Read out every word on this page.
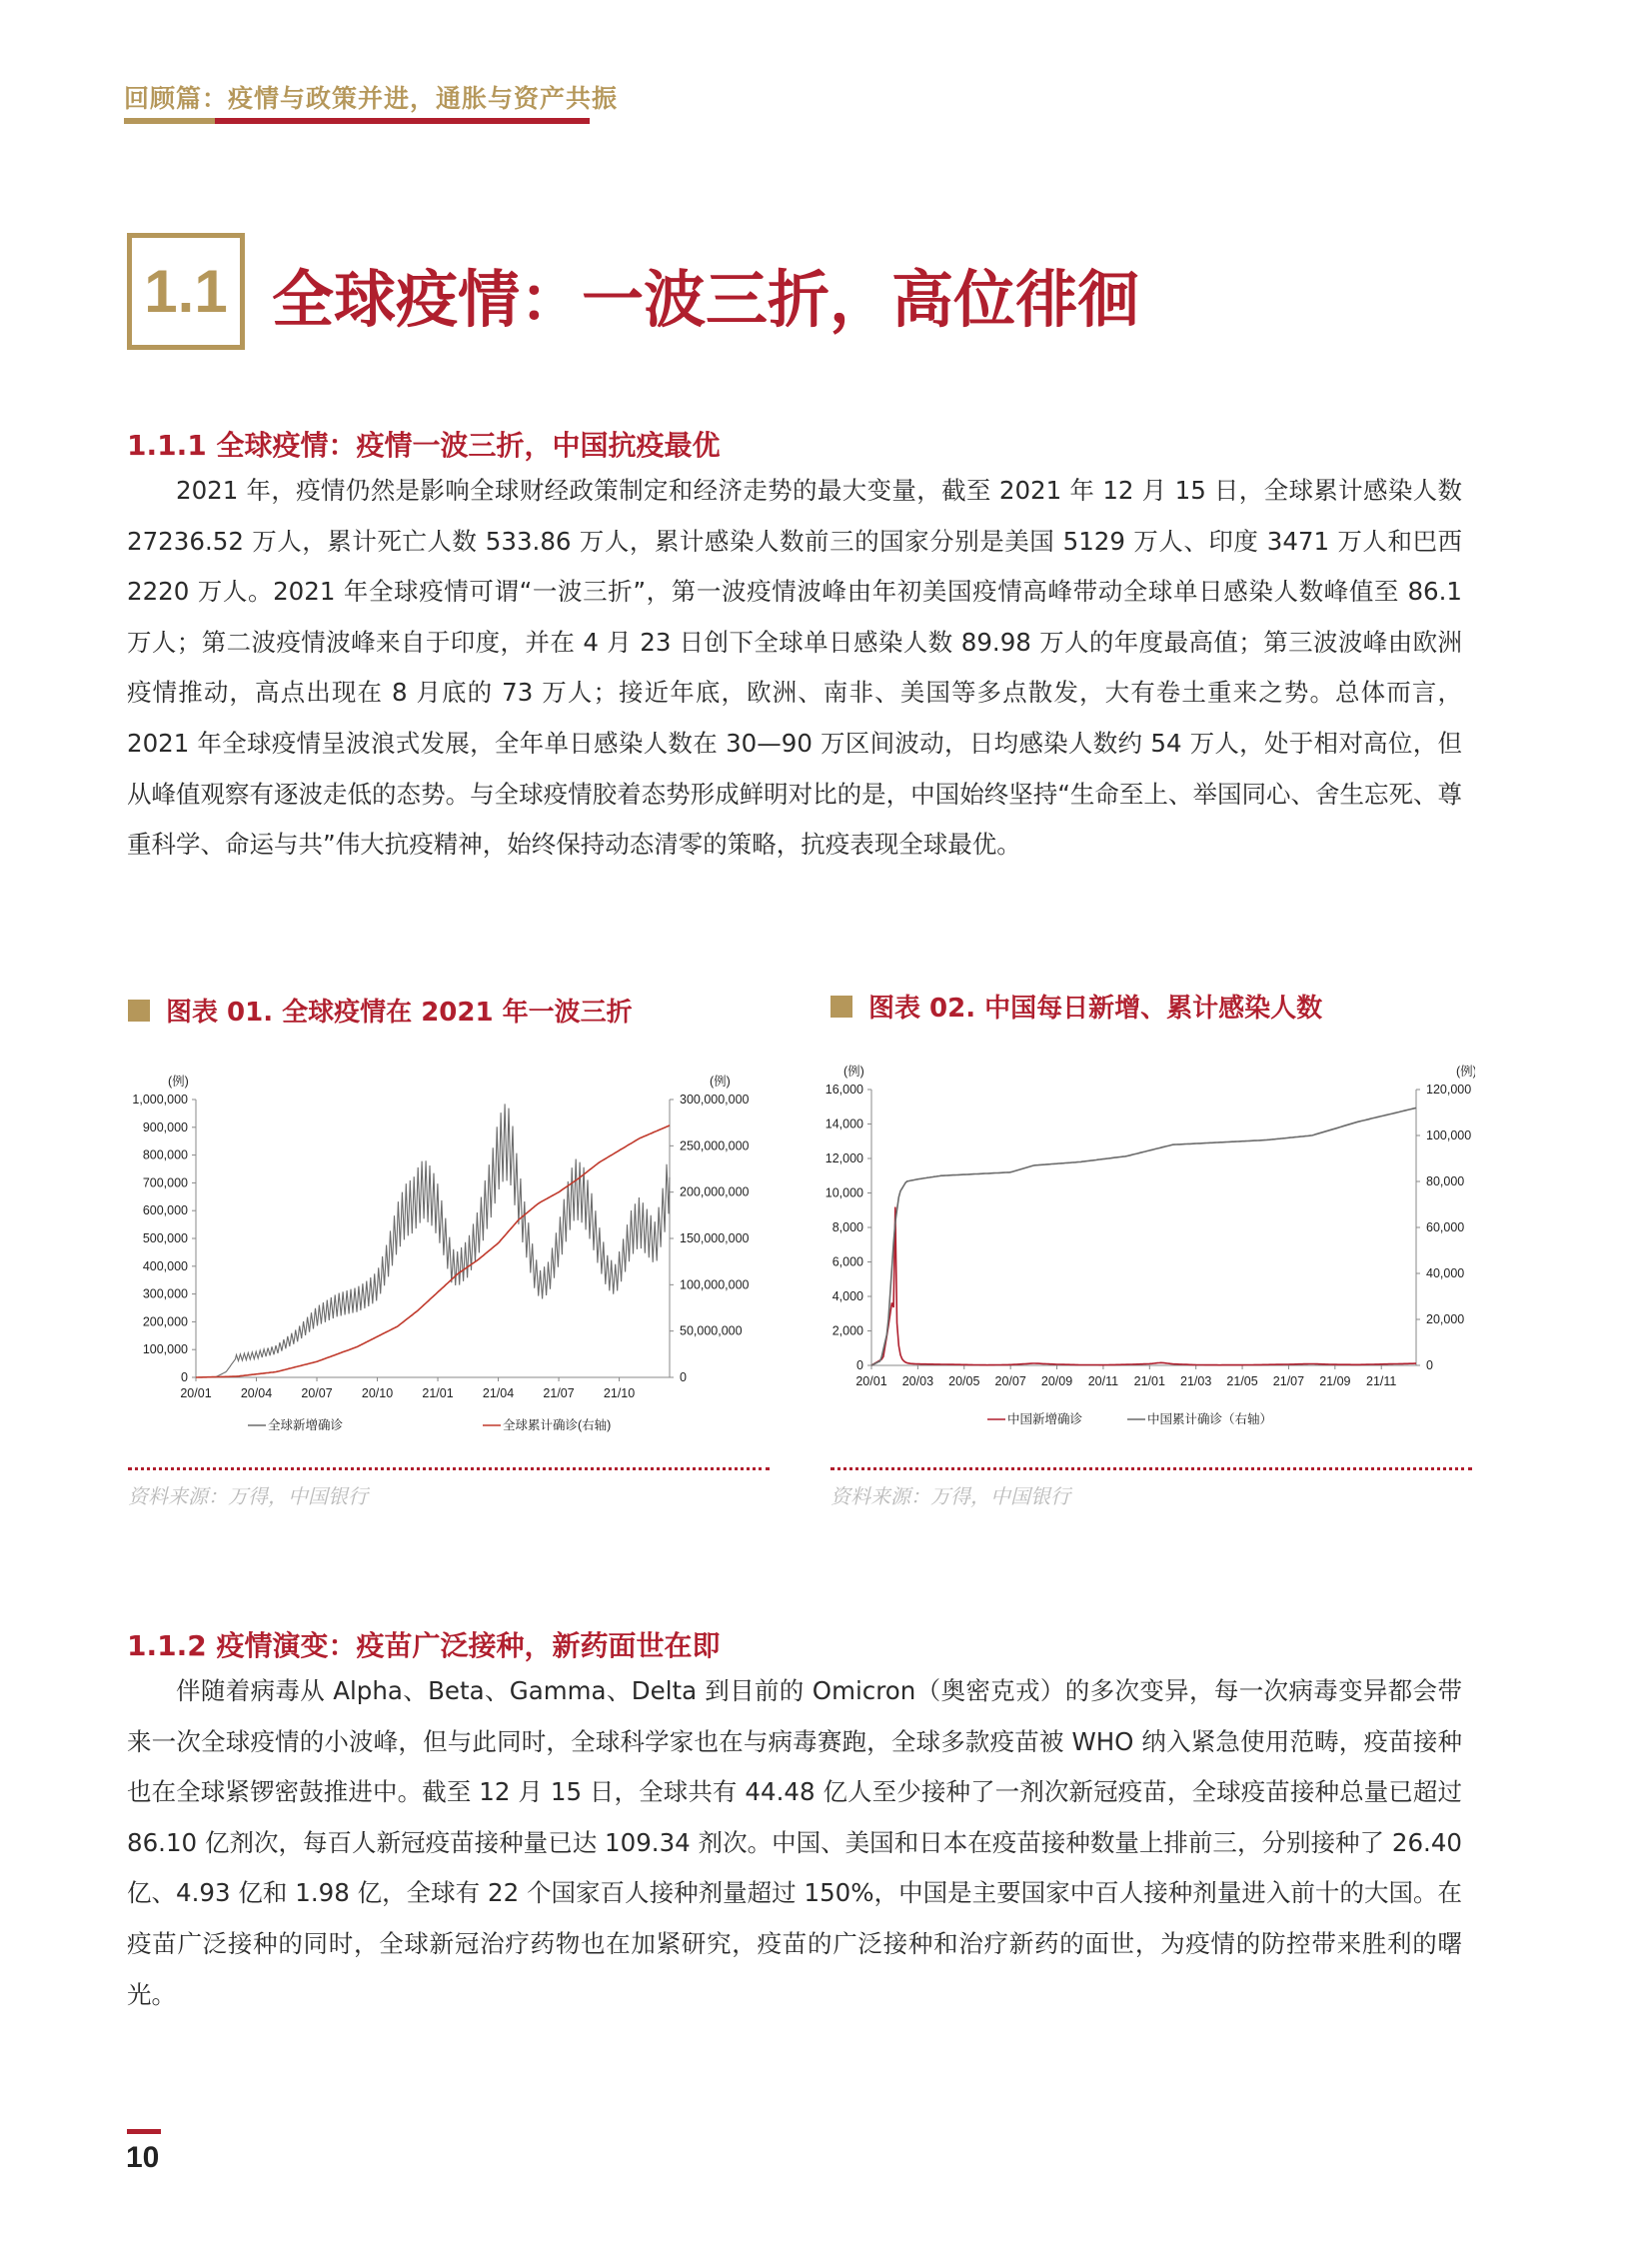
回顾篇：疫情与政策并进，通胀与资产共振
1.1 全球疫情：一波三折，高位徘徊
1.1.1 全球疫情：疫情一波三折，中国抗疫最优

2021 年，疫情仍然是影响全球财经政策制定和经济走势的最大变量，截至 2021 年 12 月 15 日，全球累计感染人数 27236.52 万人，累计死亡人数 533.86 万人，累计感染人数前三的国家分别是美国 5129 万人、印度 3471 万人和巴西 2220 万人。2021 年全球疫情可谓“一波三折”，第一波疫情波峰由年初美国疫情高峰带动全球单日感染人数峰值至 86.1 万人；第二波疫情波峰来自于印度，并在 4 月 23 日创下全球单日感染人数 89.98 万人的年度最高值；第三波波峰由欧洲疫情推动，高点出现在 8 月底的 73 万人；接近年底，欧洲、南非、美国等多点散发，大有卷土重来之势。总体而言，2021 年全球疫情呈波浪式发展，全年单日感染人数在 30—90 万区间波动，日均感染人数约 54 万人，处于相对高位，但从峰值观察有逐波走低的态势。与全球疫情胶着态势形成鲜明对比的是，中国始终坚持“生命至上、举国同心、舍生忘死、尊重科学、命运与共”伟大抗疫精神，始终保持动态清零的策略，抗疫表现全球最优。

图表 01. 全球疫情在 2021 年一波三折
(例)	(例)
0
100,000
200,000
300,000
400,000
500,000
600,000
700,000
800,000
900,000
1,000,000
0
50,000,000
100,000,000
150,000,000
200,000,000
250,000,000
300,000,000
20/01 20/04 20/07 20/10 21/01 21/04 21/07 21/10
全球新增确诊	全球累计确诊(右轴)
资料来源：万得，中国银行
图表 02. 中国每日新增、累计感染人数
(例)	(例)
0
2,000
4,000
6,000
8,000
10,000
12,000
14,000
16,000
0
20,000
40,000
60,000
80,000
100,000
120,000
20/01 20/03 20/05 20/07 20/09 20/11 21/01 21/03 21/05 21/07 21/09 21/11
中国新增确诊	中国累计确诊（右轴）
资料来源：万得，中国银行
1.1.2 疫情演变：疫苗广泛接种，新药面世在即

伴随着病毒从 Alpha、Beta、Gamma、Delta 到目前的 Omicron（奥密克戎）的多次变异，每一次病毒变异都会带来一次全球疫情的小波峰，但与此同时，全球科学家也在与病毒赛跑，全球多款疫苗被 WHO 纳入紧急使用范畴，疫苗接种也在全球紧锣密鼓推进中。截至 12 月 15 日，全球共有 44.48 亿人至少接种了一剂次新冠疫苗，全球疫苗接种总量已超过 86.10 亿剂次，每百人新冠疫苗接种量已达 109.34 剂次。中国、美国和日本在疫苗接种数量上排前三，分别接种了 26.40 亿、4.93 亿和 1.98 亿，全球有 22 个国家百人接种剂量超过 150%，中国是主要国家中百人接种剂量进入前十的大国。在疫苗广泛接种的同时，全球新冠治疗药物也在加紧研究，疫苗的广泛接种和治疗新药的面世，为疫情的防控带来胜利的曙光。

10
